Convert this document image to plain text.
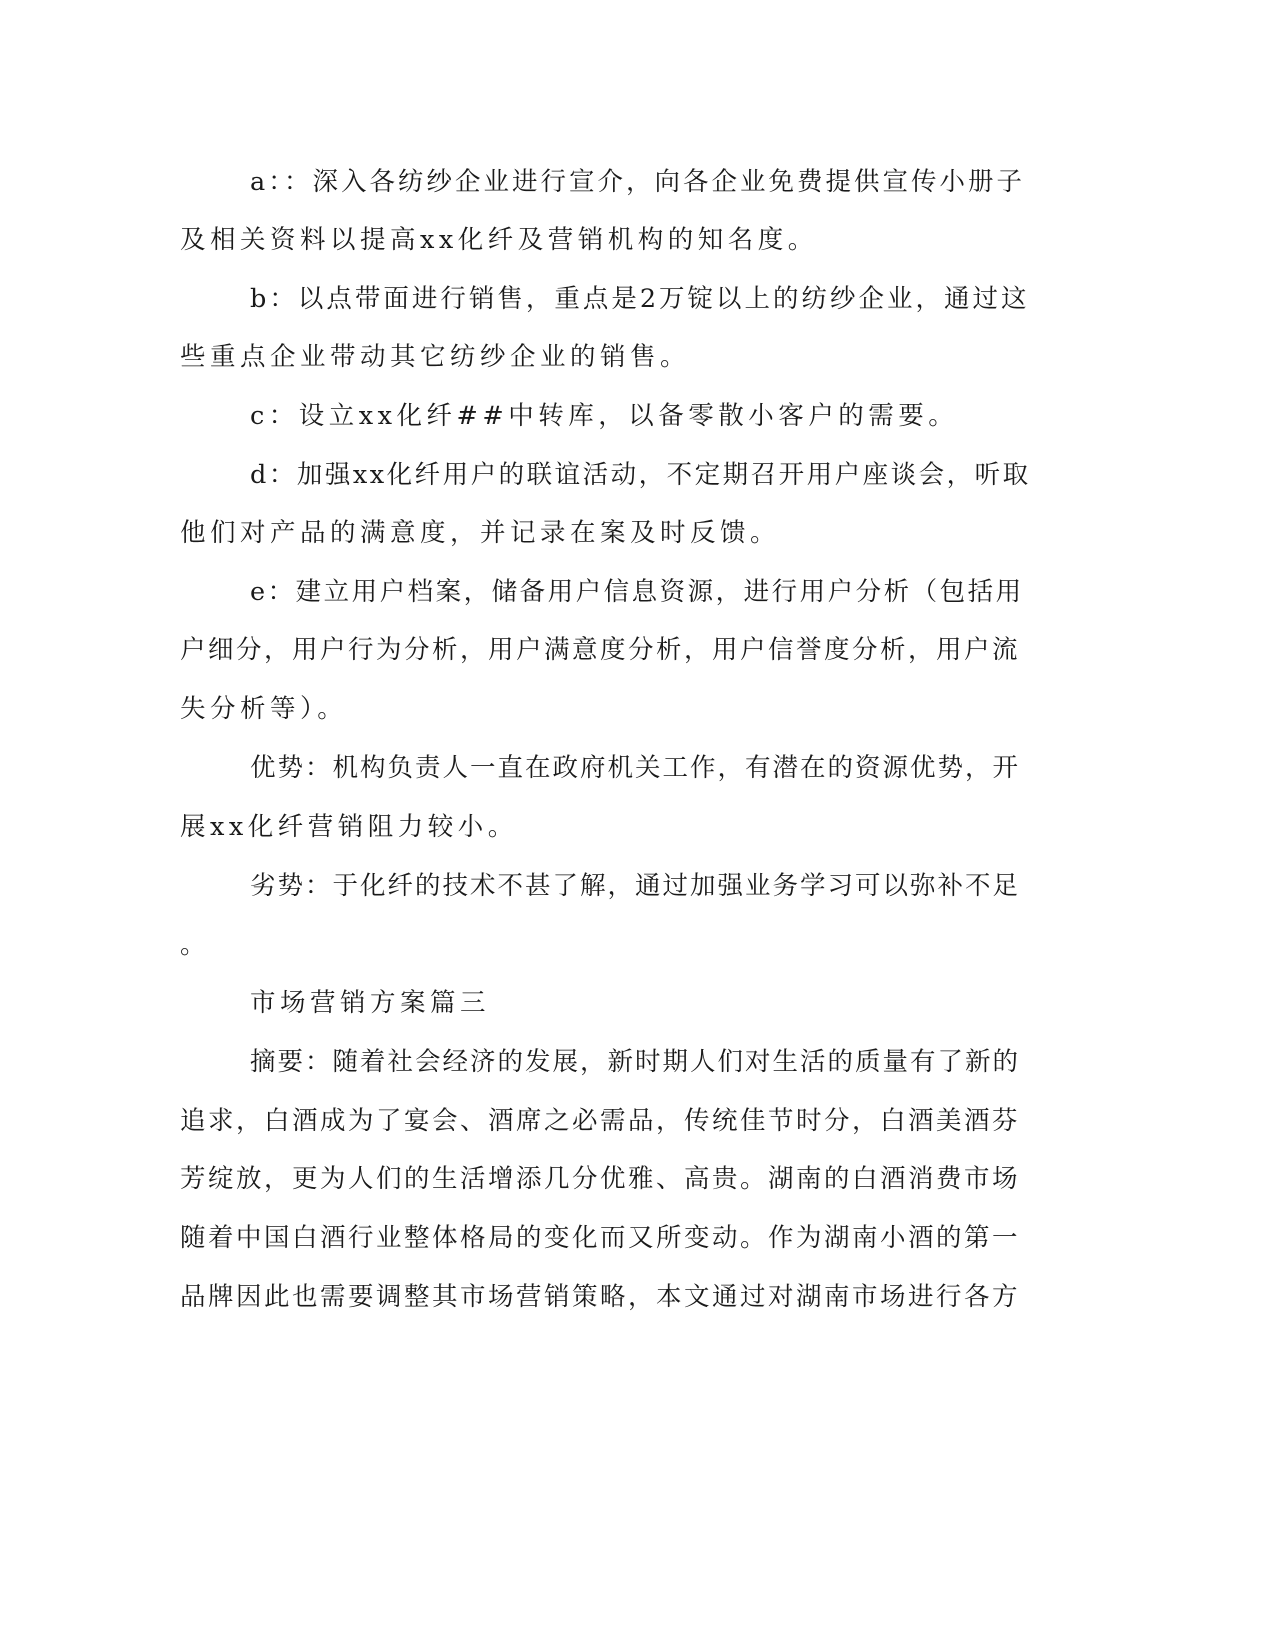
a：：深入各纺纱企业进行宣介，向各企业免费提供宣传小册子
及相关资料以提高xx化纤及营销机构的知名度。
b：以点带面进行销售，重点是2万锭以上的纺纱企业，通过这
些重点企业带动其它纺纱企业的销售。
c：设立xx化纤##中转库，以备零散小客户的需要。
d：加强xx化纤用户的联谊活动，不定期召开用户座谈会，听取
他们对产品的满意度，并记录在案及时反馈。
e：建立用户档案，储备用户信息资源，进行用户分析（包括用
户细分，用户行为分析，用户满意度分析，用户信誉度分析，用户流
失分析等）。
优势：机构负责人一直在政府机关工作，有潜在的资源优势，开
展xx化纤营销阻力较小。
劣势：于化纤的技术不甚了解，通过加强业务学习可以弥补不足
。
市场营销方案篇三
摘要：随着社会经济的发展，新时期人们对生活的质量有了新的
追求，白酒成为了宴会、酒席之必需品，传统佳节时分，白酒美酒芬
芳绽放，更为人们的生活增添几分优雅、高贵。湖南的白酒消费市场
随着中国白酒行业整体格局的变化而又所变动。作为湖南小酒的第一
品牌因此也需要调整其市场营销策略，本文通过对湖南市场进行各方
